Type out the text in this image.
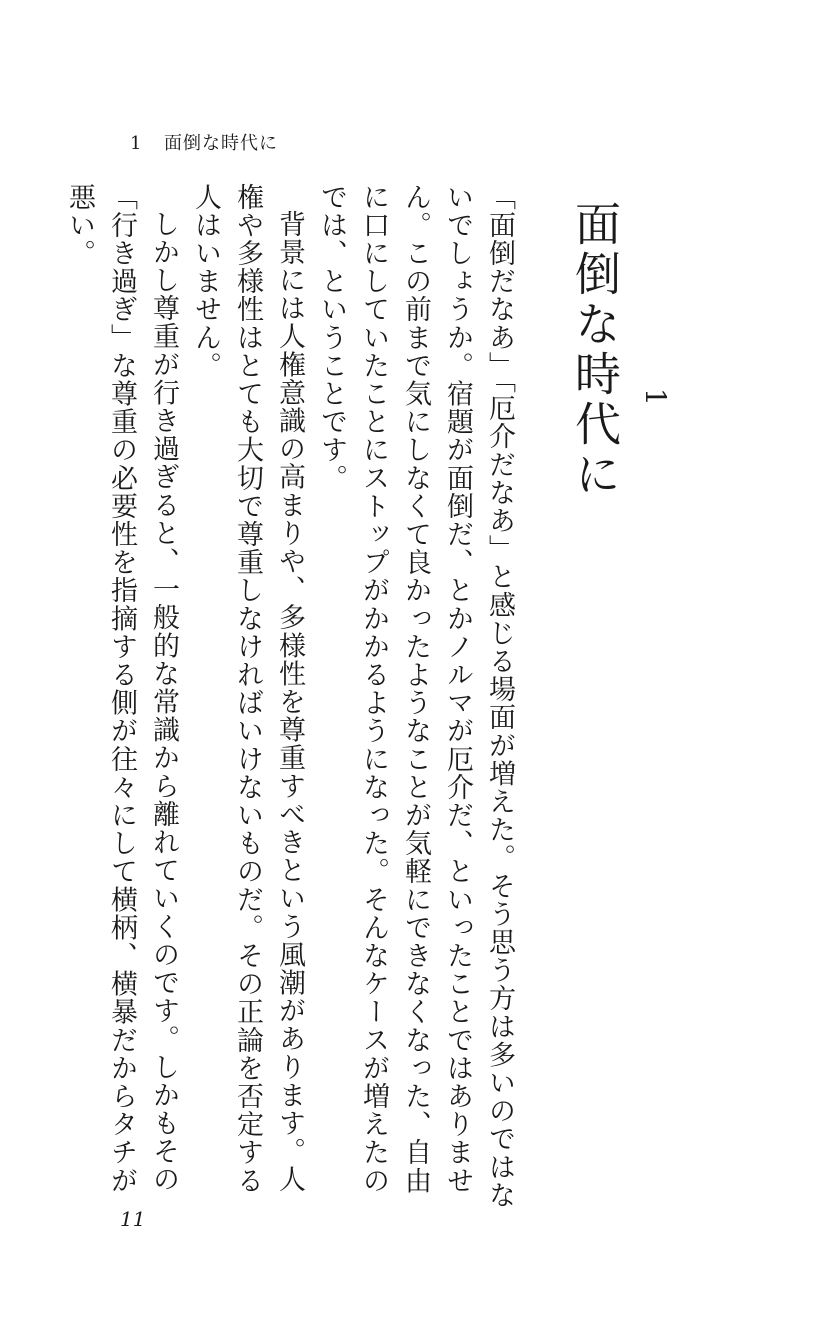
1 面倒な時代に
1
面倒な時代に

「面倒だなあ」「厄介だなあ」と感じる場面が増えた。そう思う方は多いのではないでしょうか。宿題が面倒だ、とかノルマが厄介だ、といったことではありません。この前まで気にしなくて良かったようなことが気軽にできなくなった、自由に口にしていたことにストップがかかるようになった。そんなケースが増えたのでは、ということです。

背景には人権意識の高まりや、多様性を尊重すべきという風潮があります。人権や多様性はとても大切で尊重しなければいけないものだ。その正論を否定する人はいません。

しかし尊重が行き過ぎると、一般的な常識から離れていくのです。しかもその「行き過ぎ」な尊重の必要性を指摘する側が往々にして横柄、横暴だからタチが悪い。

11
